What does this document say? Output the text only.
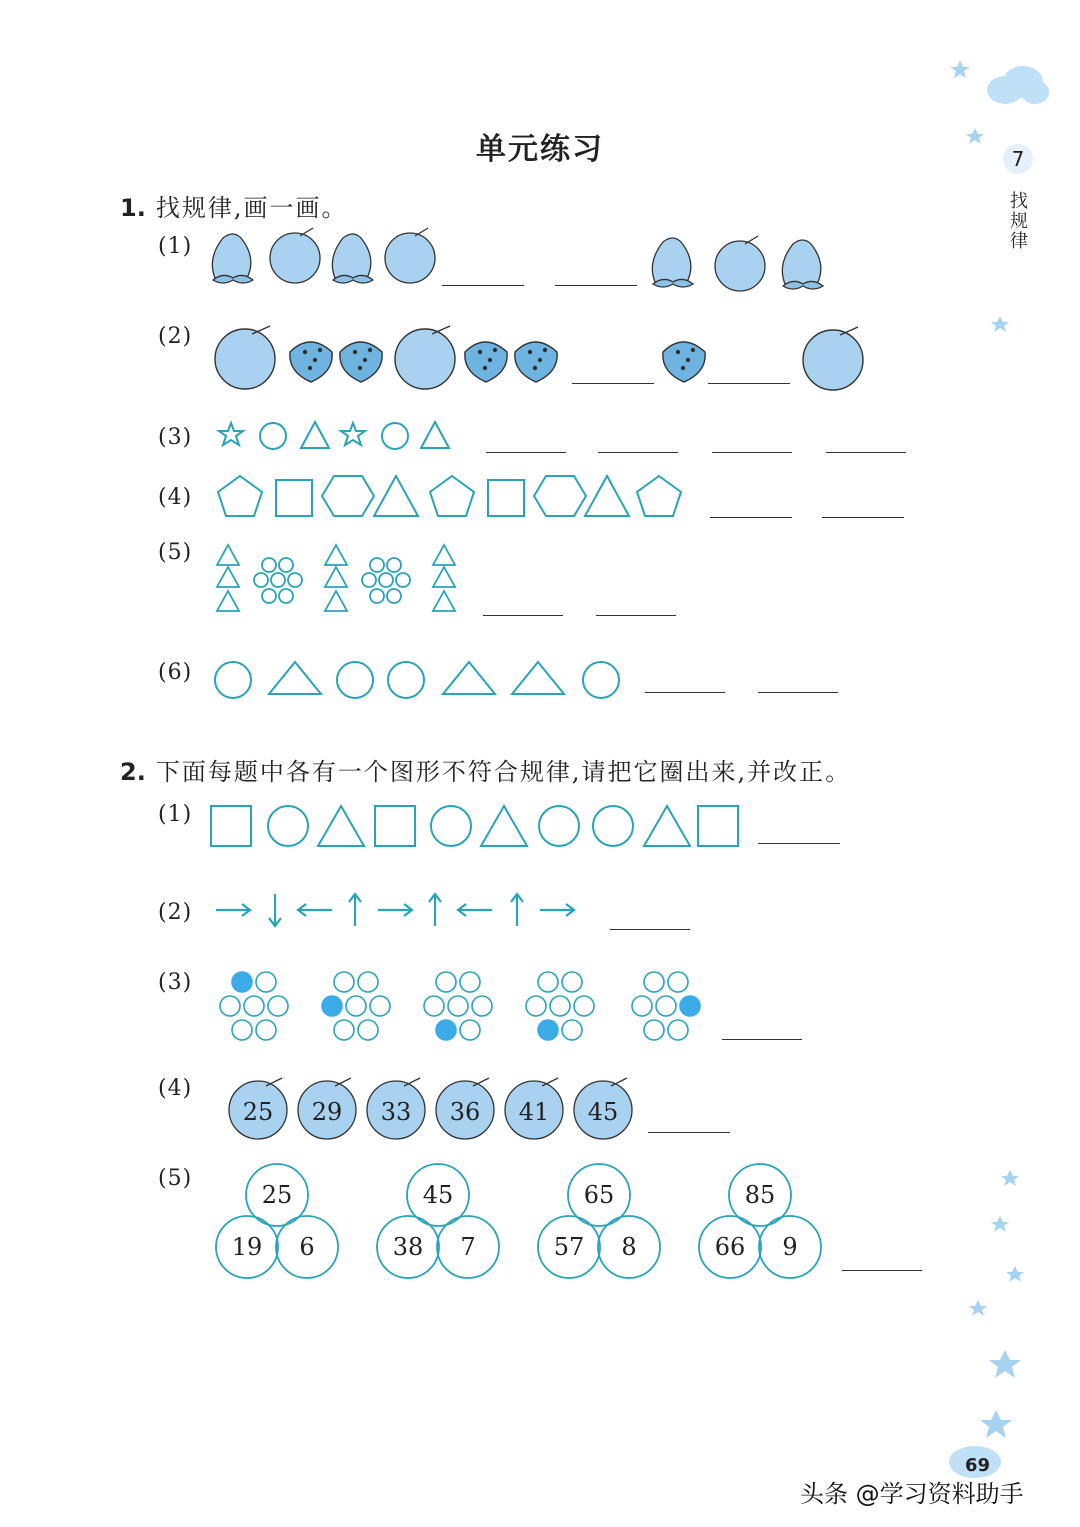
单元练习	7
找规律
69
头条 @学习资料助手
1. 找规律,画一画。
(1)
(2)
(3)
(4)
(5)
(6)
2. 下面每题中各有一个图形不符合规律,请把它圈出来,并改正。
(1)
(2)
(3)
(4)
25 29 33 36 41 45
(5)
25
19 6
45
38 7
65
57 8
85
66 9
